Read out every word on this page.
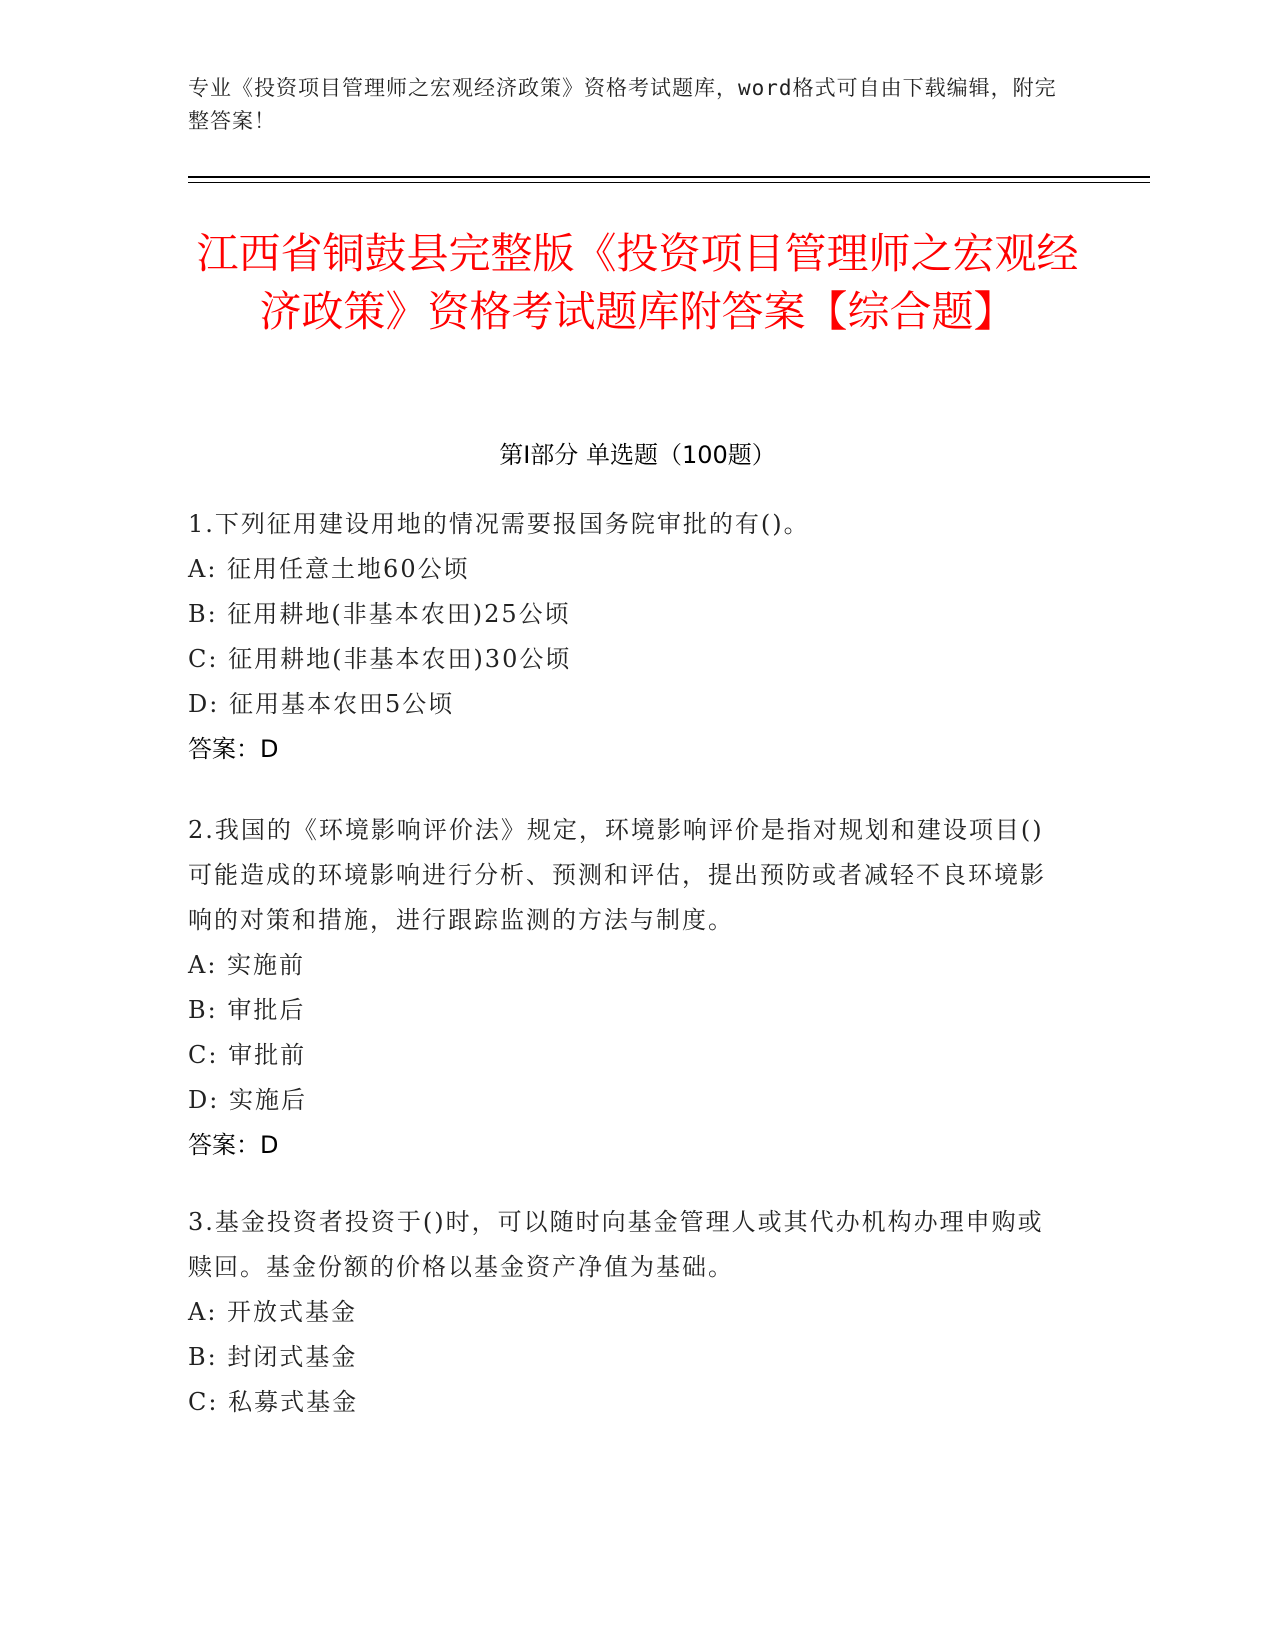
专业《投资项目管理师之宏观经济政策》资格考试题库，word格式可自由下载编辑，附完整答案！
江西省铜鼓县完整版《投资项目管理师之宏观经济政策》资格考试题库附答案【综合题】
第I部分 单选题（100题）
1.下列征用建设用地的情况需要报国务院审批的有()。
A: 征用任意土地60公顷
B: 征用耕地(非基本农田)25公顷
C: 征用耕地(非基本农田)30公顷
D: 征用基本农田5公顷
答案：D
2.我国的《环境影响评价法》规定，环境影响评价是指对规划和建设项目()可能造成的环境影响进行分析、预测和评估，提出预防或者减轻不良环境影响的对策和措施，进行跟踪监测的方法与制度。
A: 实施前
B: 审批后
C: 审批前
D: 实施后
答案：D
3.基金投资者投资于()时，可以随时向基金管理人或其代办机构办理申购或赎回。基金份额的价格以基金资产净值为基础。
A: 开放式基金
B: 封闭式基金
C: 私募式基金
